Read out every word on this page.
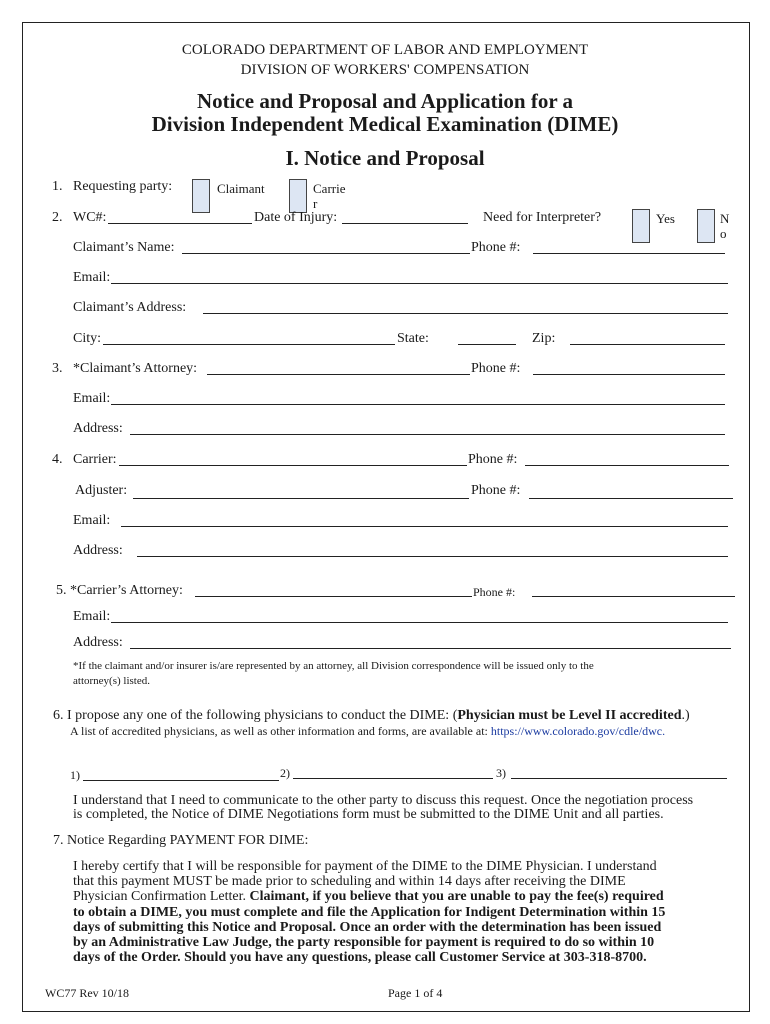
COLORADO DEPARTMENT OF LABOR AND EMPLOYMENT
DIVISION OF WORKERS' COMPENSATION
Notice and Proposal and Application for a
Division Independent Medical Examination (DIME)
I. Notice and Proposal
1. Requesting party:	Claimant	Carrie
r
2. WC#:	Date of Injury:	Need for Interpreter?	Yes	N
o
Claimant’s Name:	Phone #:
Email:
Claimant’s Address:
City:	State:	Zip:
3. *Claimant’s Attorney:	Phone #:
Email:
Address:
4. Carrier:	Phone #:
Adjuster:	Phone #:
Email:
Address:
5. *Carrier’s Attorney:	Phone #:
Email:
Address:
*If the claimant and/or insurer is/are represented by an attorney, all Division correspondence will be issued only to the
attorney(s) listed.
6. I propose any one of the following physicians to conduct the DIME: (Physician must be Level II accredited.)
A list of accredited physicians, as well as other information and forms, are available at: https://www.colorado.gov/cdle/dwc.
1)	2)	3)
I understand that I need to communicate to the other party to discuss this request. Once the negotiation process
is completed, the Notice of DIME Negotiations form must be submitted to the DIME Unit and all parties.
7. Notice Regarding PAYMENT FOR DIME:
I hereby certify that I will be responsible for payment of the DIME to the DIME Physician. I understand
that this payment MUST be made prior to scheduling and within 14 days after receiving the DIME
Physician Confirmation Letter. Claimant, if you believe that you are unable to pay the fee(s) required
to obtain a DIME, you must complete and file the Application for Indigent Determination within 15
days of submitting this Notice and Proposal. Once an order with the determination has been issued
by an Administrative Law Judge, the party responsible for payment is required to do so within 10
days of the Order. Should you have any questions, please call Customer Service at 303-318-8700.
WC77 Rev 10/18	Page 1 of 4
